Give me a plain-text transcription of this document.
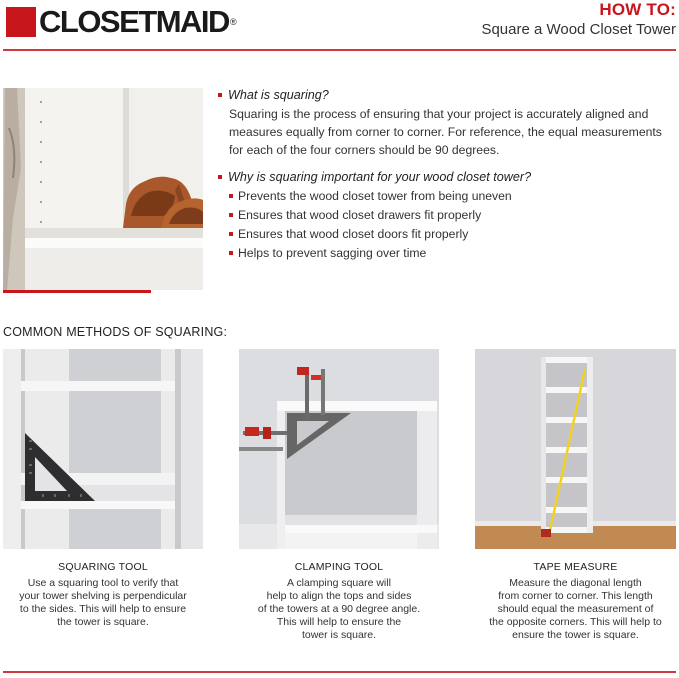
CLOSETMAID ®
HOW TO:
Square a Wood Closet Tower
What is squaring?
Squaring is the process of ensuring that your project is accurately aligned and measures equally from corner to corner. For reference, the equal measurements for each of the four corners should be 90 degrees.
Why is squaring important for your wood closet tower?
Prevents the wood closet tower from being uneven
Ensures that wood closet drawers fit properly
Ensures that wood closet doors fit properly
Helps to prevent sagging over time
COMMON METHODS OF SQUARING:
SQUARING TOOL
Use a squaring tool to verify that
your tower shelving is perpendicular
to the sides. This will help to ensure
the tower is square.
CLAMPING TOOL
A clamping square will
help to align the tops and sides
of the towers at a 90 degree angle.
This will help to ensure the
tower is square.
TAPE MEASURE
Measure the diagonal length
from corner to corner. This length
should equal the measurement of
the opposite corners. This will help to
ensure the tower is square.
